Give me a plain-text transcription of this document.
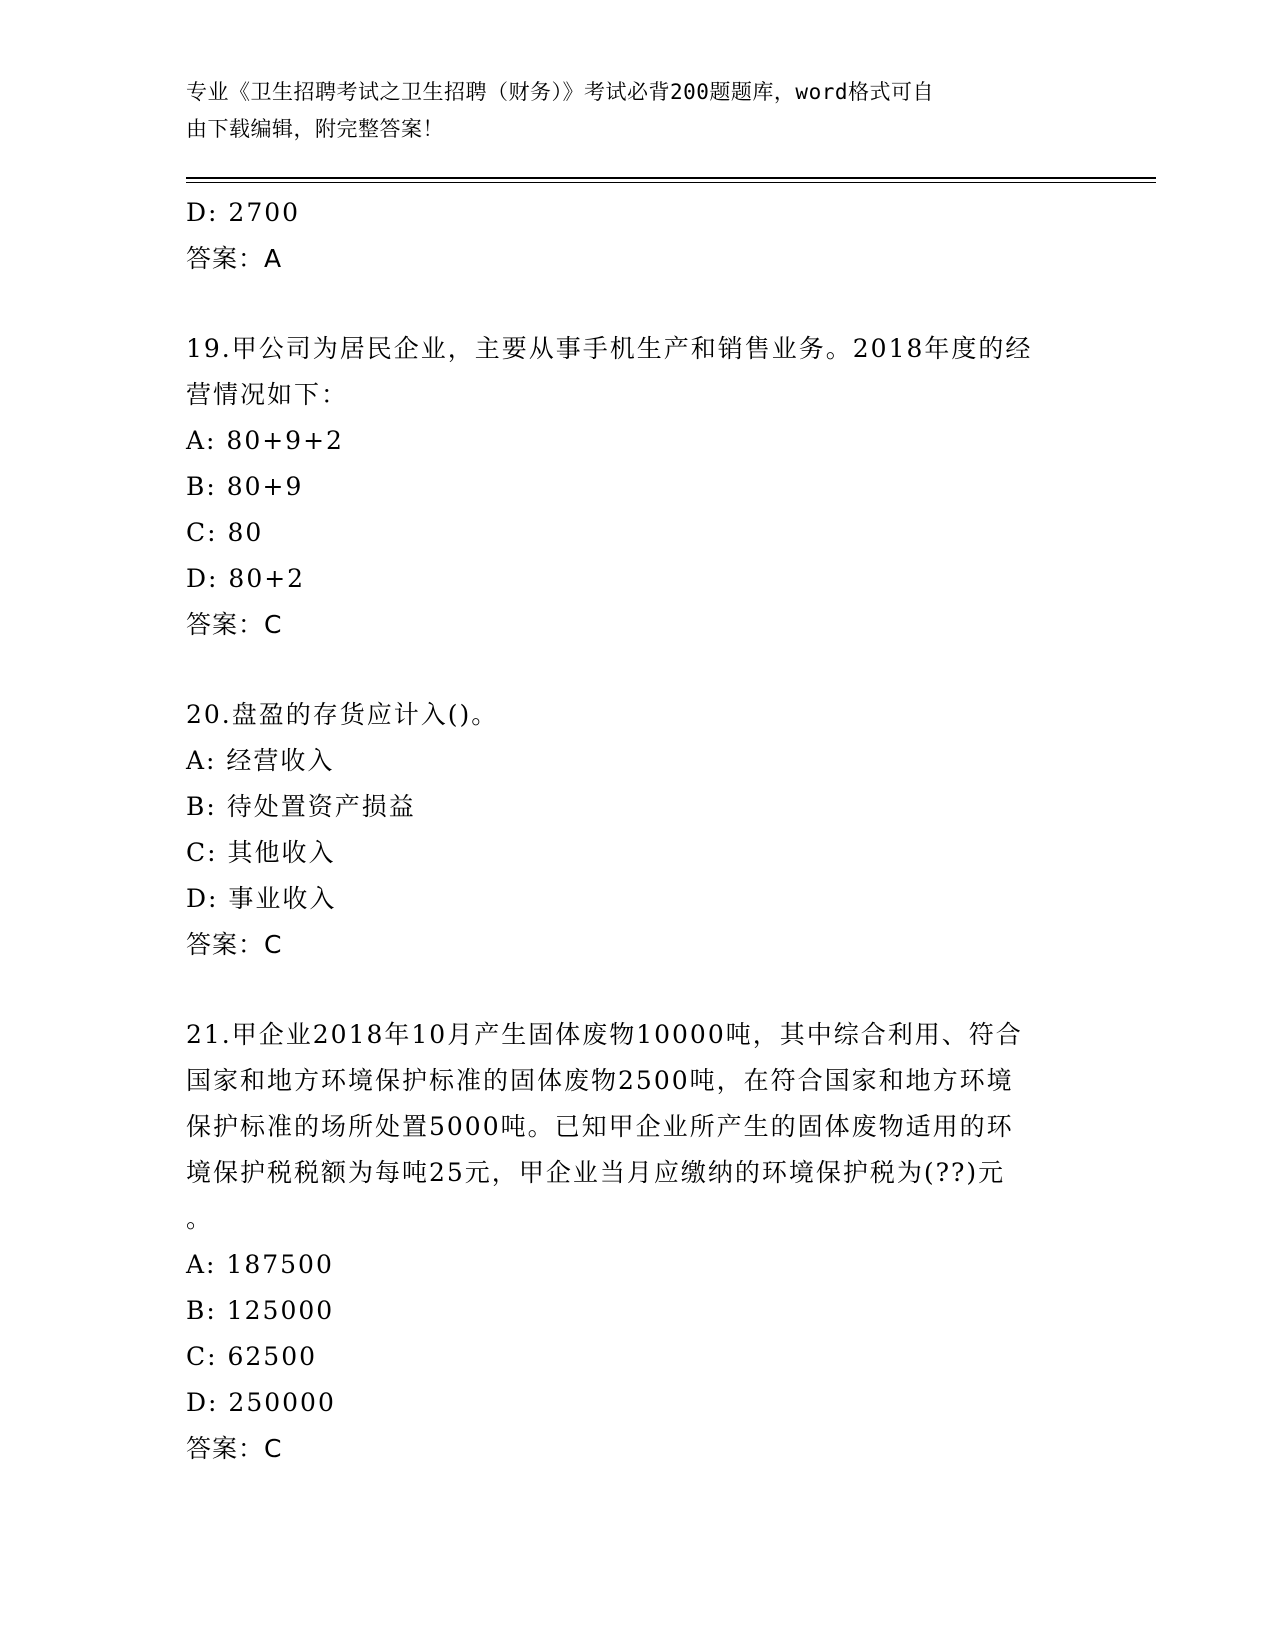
专业《卫生招聘考试之卫生招聘（财务）》考试必背200题题库，word格式可自
由下载编辑，附完整答案！
D: 2700
答案：A
19.甲公司为居民企业，主要从事手机生产和销售业务。2018年度的经
营情况如下：
A: 80+9+2
B: 80+9
C: 80
D: 80+2
答案：C
20.盘盈的存货应计入()。
A: 经营收入
B: 待处置资产损益
C: 其他收入
D: 事业收入
答案：C
21.甲企业2018年10月产生固体废物10000吨，其中综合利用、符合
国家和地方环境保护标准的固体废物2500吨，在符合国家和地方环境
保护标准的场所处置5000吨。已知甲企业所产生的固体废物适用的环
境保护税税额为每吨25元，甲企业当月应缴纳的环境保护税为(??)元
。
A: 187500
B: 125000
C: 62500
D: 250000
答案：C
